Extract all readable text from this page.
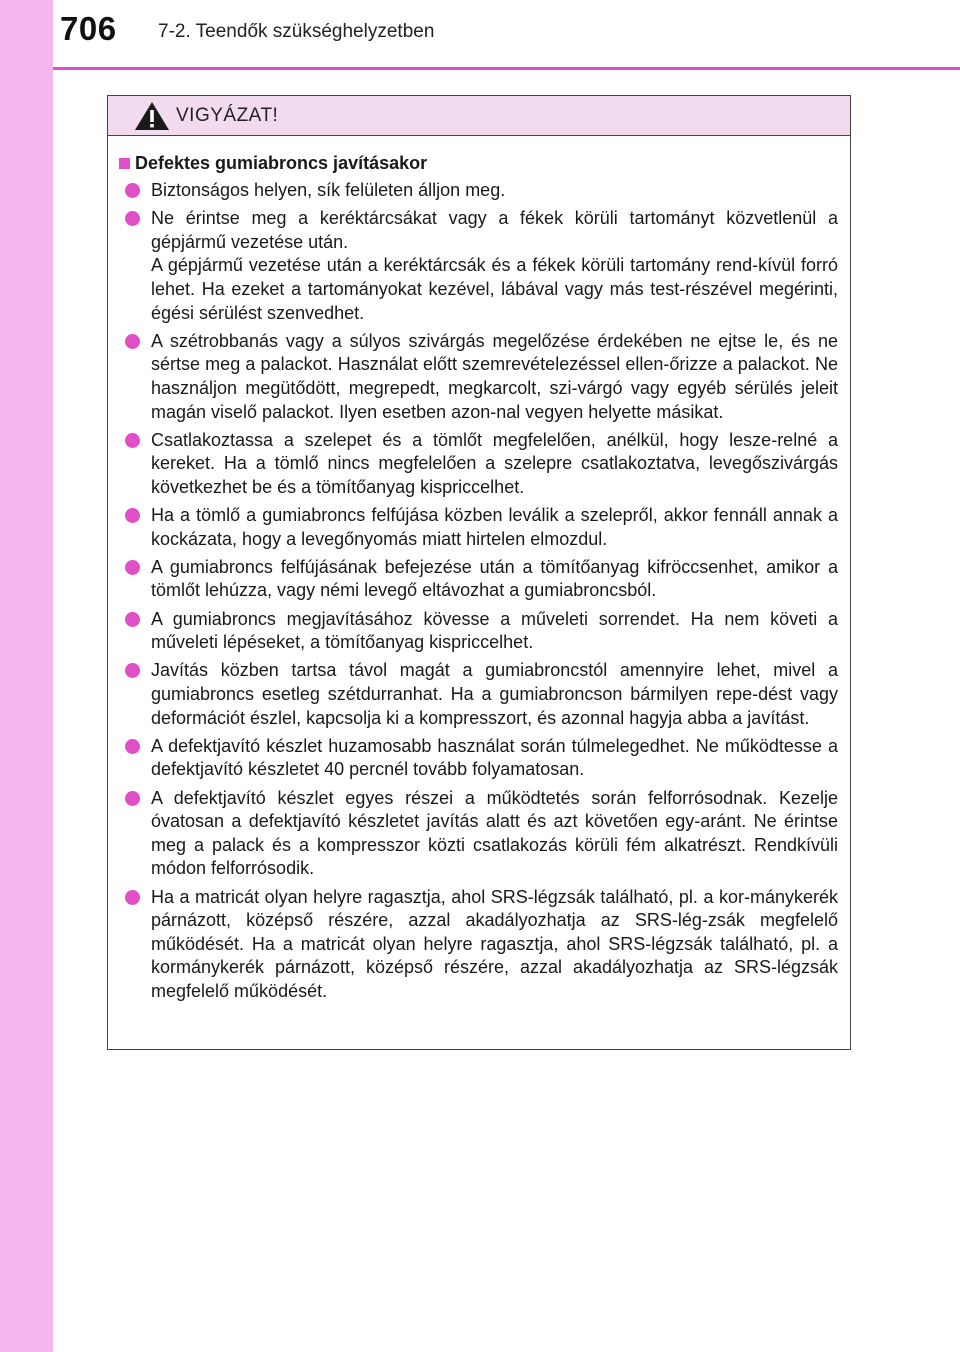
706 7-2. Teendők szükséghelyzetben
VIGYÁZAT!
Defektes gumiabroncs javításakor
Biztonságos helyen, sík felületen álljon meg.
Ne érintse meg a keréktárcsákat vagy a fékek körüli tartományt közvetlenül a gépjármű vezetése után.
A gépjármű vezetése után a keréktárcsák és a fékek körüli tartomány rend-kívül forró lehet. Ha ezeket a tartományokat kezével, lábával vagy más test-részével megérinti, égési sérülést szenvedhet.
A szétrobbanás vagy a súlyos szivárgás megelőzése érdekében ne ejtse le, és ne sértse meg a palackot. Használat előtt szemrevételezéssel ellen-őrizze a palackot. Ne használjon megütődött, megrepedt, megkarcolt, szi-várgó vagy egyéb sérülés jeleit magán viselő palackot. Ilyen esetben azon-nal vegyen helyette másikat.
Csatlakoztassa a szelepet és a tömlőt megfelelően, anélkül, hogy lesze-relné a kereket. Ha a tömlő nincs megfelelően a szelepre csatlakoztatva, levegőszivárgás következhet be és a tömítőanyag kispriccelhet.
Ha a tömlő a gumiabroncs felfújása közben leválik a szelepről, akkor fennáll annak a kockázata, hogy a levegőnyomás miatt hirtelen elmozdul.
A gumiabroncs felfújásának befejezése után a tömítőanyag kifröccsenhet, amikor a tömlőt lehúzza, vagy némi levegő eltávozhat a gumiabroncsból.
A gumiabroncs megjavításához kövesse a műveleti sorrendet. Ha nem követi a műveleti lépéseket, a tömítőanyag kispriccelhet.
Javítás közben tartsa távol magát a gumiabroncstól amennyire lehet, mivel a gumiabroncs esetleg szétdurranhat. Ha a gumiabroncson bármilyen repe-dést vagy deformációt észlel, kapcsolja ki a kompresszort, és azonnal hagyja abba a javítást.
A defektjavító készlet huzamosabb használat során túlmelegedhet. Ne működtesse a defektjavító készletet 40 percnél tovább folyamatosan.
A defektjavító készlet egyes részei a működtetés során felforrósodnak. Kezelje óvatosan a defektjavító készletet javítás alatt és azt követően egy-aránt. Ne érintse meg a palack és a kompresszor közti csatlakozás körüli fém alkatrészt. Rendkívüli módon felforrósodik.
Ha a matricát olyan helyre ragasztja, ahol SRS-légzsák található, pl. a kor-mánykerék párnázott, középső részére, azzal akadályozhatja az SRS-lég-zsák megfelelő működését. Ha a matricát olyan helyre ragasztja, ahol SRS-légzsák található, pl. a kormánykerék párnázott, középső részére, azzal akadályozhatja az SRS-légzsák megfelelő működését.
